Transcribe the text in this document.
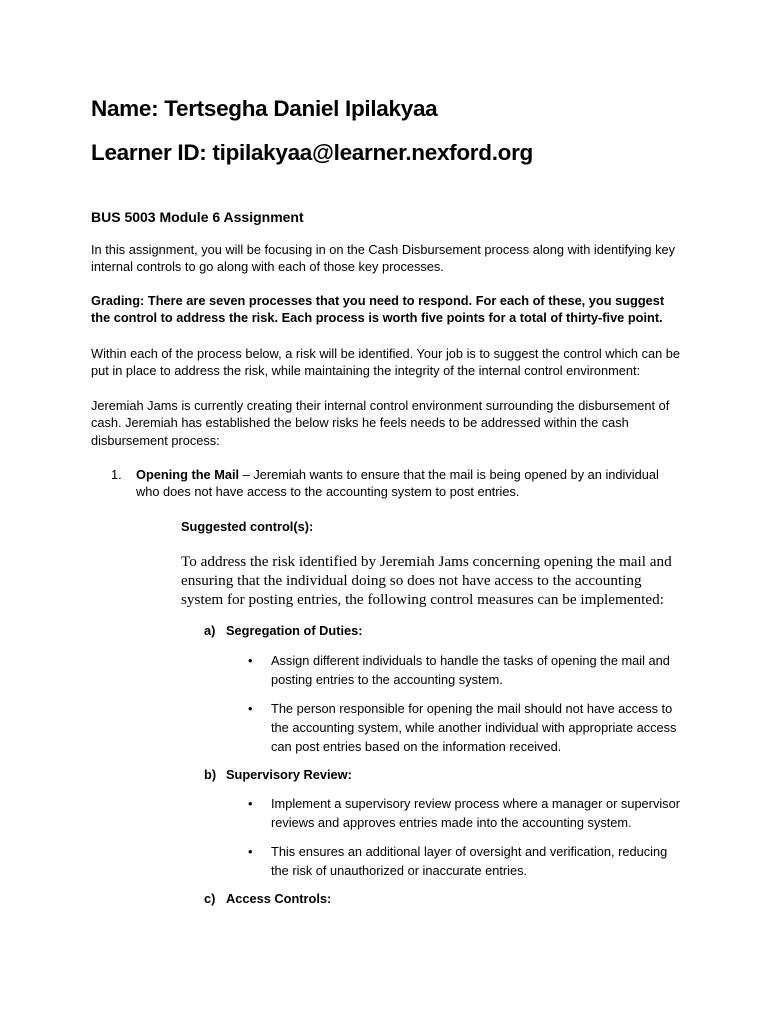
Name: Tertsegha Daniel Ipilakyaa
Learner ID: tipilakyaa@learner.nexford.org
BUS 5003 Module 6 Assignment
In this assignment, you will be focusing in on the Cash Disbursement process along with identifying key internal controls to go along with each of those key processes.
Grading: There are seven processes that you need to respond. For each of these, you suggest the control to address the risk. Each process is worth five points for a total of thirty-five point.
Within each of the process below, a risk will be identified. Your job is to suggest the control which can be put in place to address the risk, while maintaining the integrity of the internal control environment:
Jeremiah Jams is currently creating their internal control environment surrounding the disbursement of cash. Jeremiah has established the below risks he feels needs to be addressed within the cash disbursement process:
1. Opening the Mail – Jeremiah wants to ensure that the mail is being opened by an individual who does not have access to the accounting system to post entries.
Suggested control(s):
To address the risk identified by Jeremiah Jams concerning opening the mail and ensuring that the individual doing so does not have access to the accounting system for posting entries, the following control measures can be implemented:
a) Segregation of Duties:
• Assign different individuals to handle the tasks of opening the mail and posting entries to the accounting system.
• The person responsible for opening the mail should not have access to the accounting system, while another individual with appropriate access can post entries based on the information received.
b) Supervisory Review:
• Implement a supervisory review process where a manager or supervisor reviews and approves entries made into the accounting system.
• This ensures an additional layer of oversight and verification, reducing the risk of unauthorized or inaccurate entries.
c) Access Controls:
